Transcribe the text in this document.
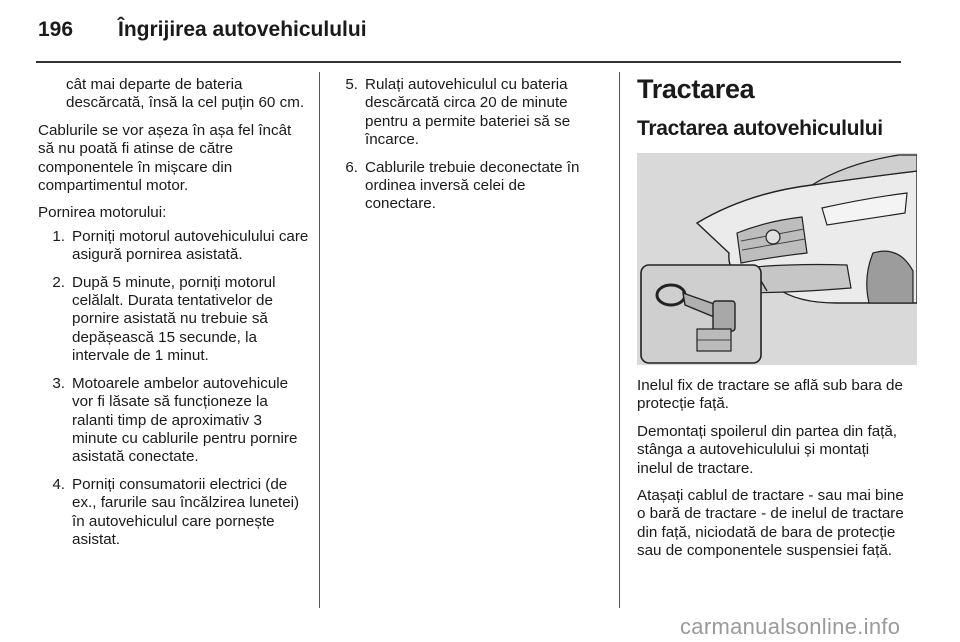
196 Îngrijirea autovehiculului

cât mai departe de bateria descărcată, însă la cel puțin 60 cm.

Cablurile se vor așeza în așa fel încât să nu poată fi atinse de către componentele în mișcare din compartimentul motor.

Pornirea motorului:

1. Porniți motorul autovehiculului care asigură pornirea asistată.
2. După 5 minute, porniți motorul celălalt. Durata tentativelor de pornire asistată nu trebuie să depășească 15 secunde, la intervale de 1 minut.
3. Motoarele ambelor autovehicule vor fi lăsate să funcționeze la ralanti timp de aproximativ 3 minute cu cablurile pentru pornire asistată conectate.
4. Porniți consumatorii electrici (de ex., farurile sau încălzirea lunetei) în autovehiculul care pornește asistat.
5. Rulați autovehiculul cu bateria descărcată circa 20 de minute pentru a permite bateriei să se încarce.
6. Cablurile trebuie deconectate în ordinea inversă celei de conectare.
Tractarea
Tractarea autovehiculului

Inelul fix de tractare se află sub bara de protecție față.

Demontați spoilerul din partea din față, stânga a autovehiculului și montați inelul de tractare.

Atașați cablul de tractare - sau mai bine o bară de tractare - de inelul de tractare din față, niciodată de bara de protecție sau de componentele suspensiei față.

carmanualsonline.info
